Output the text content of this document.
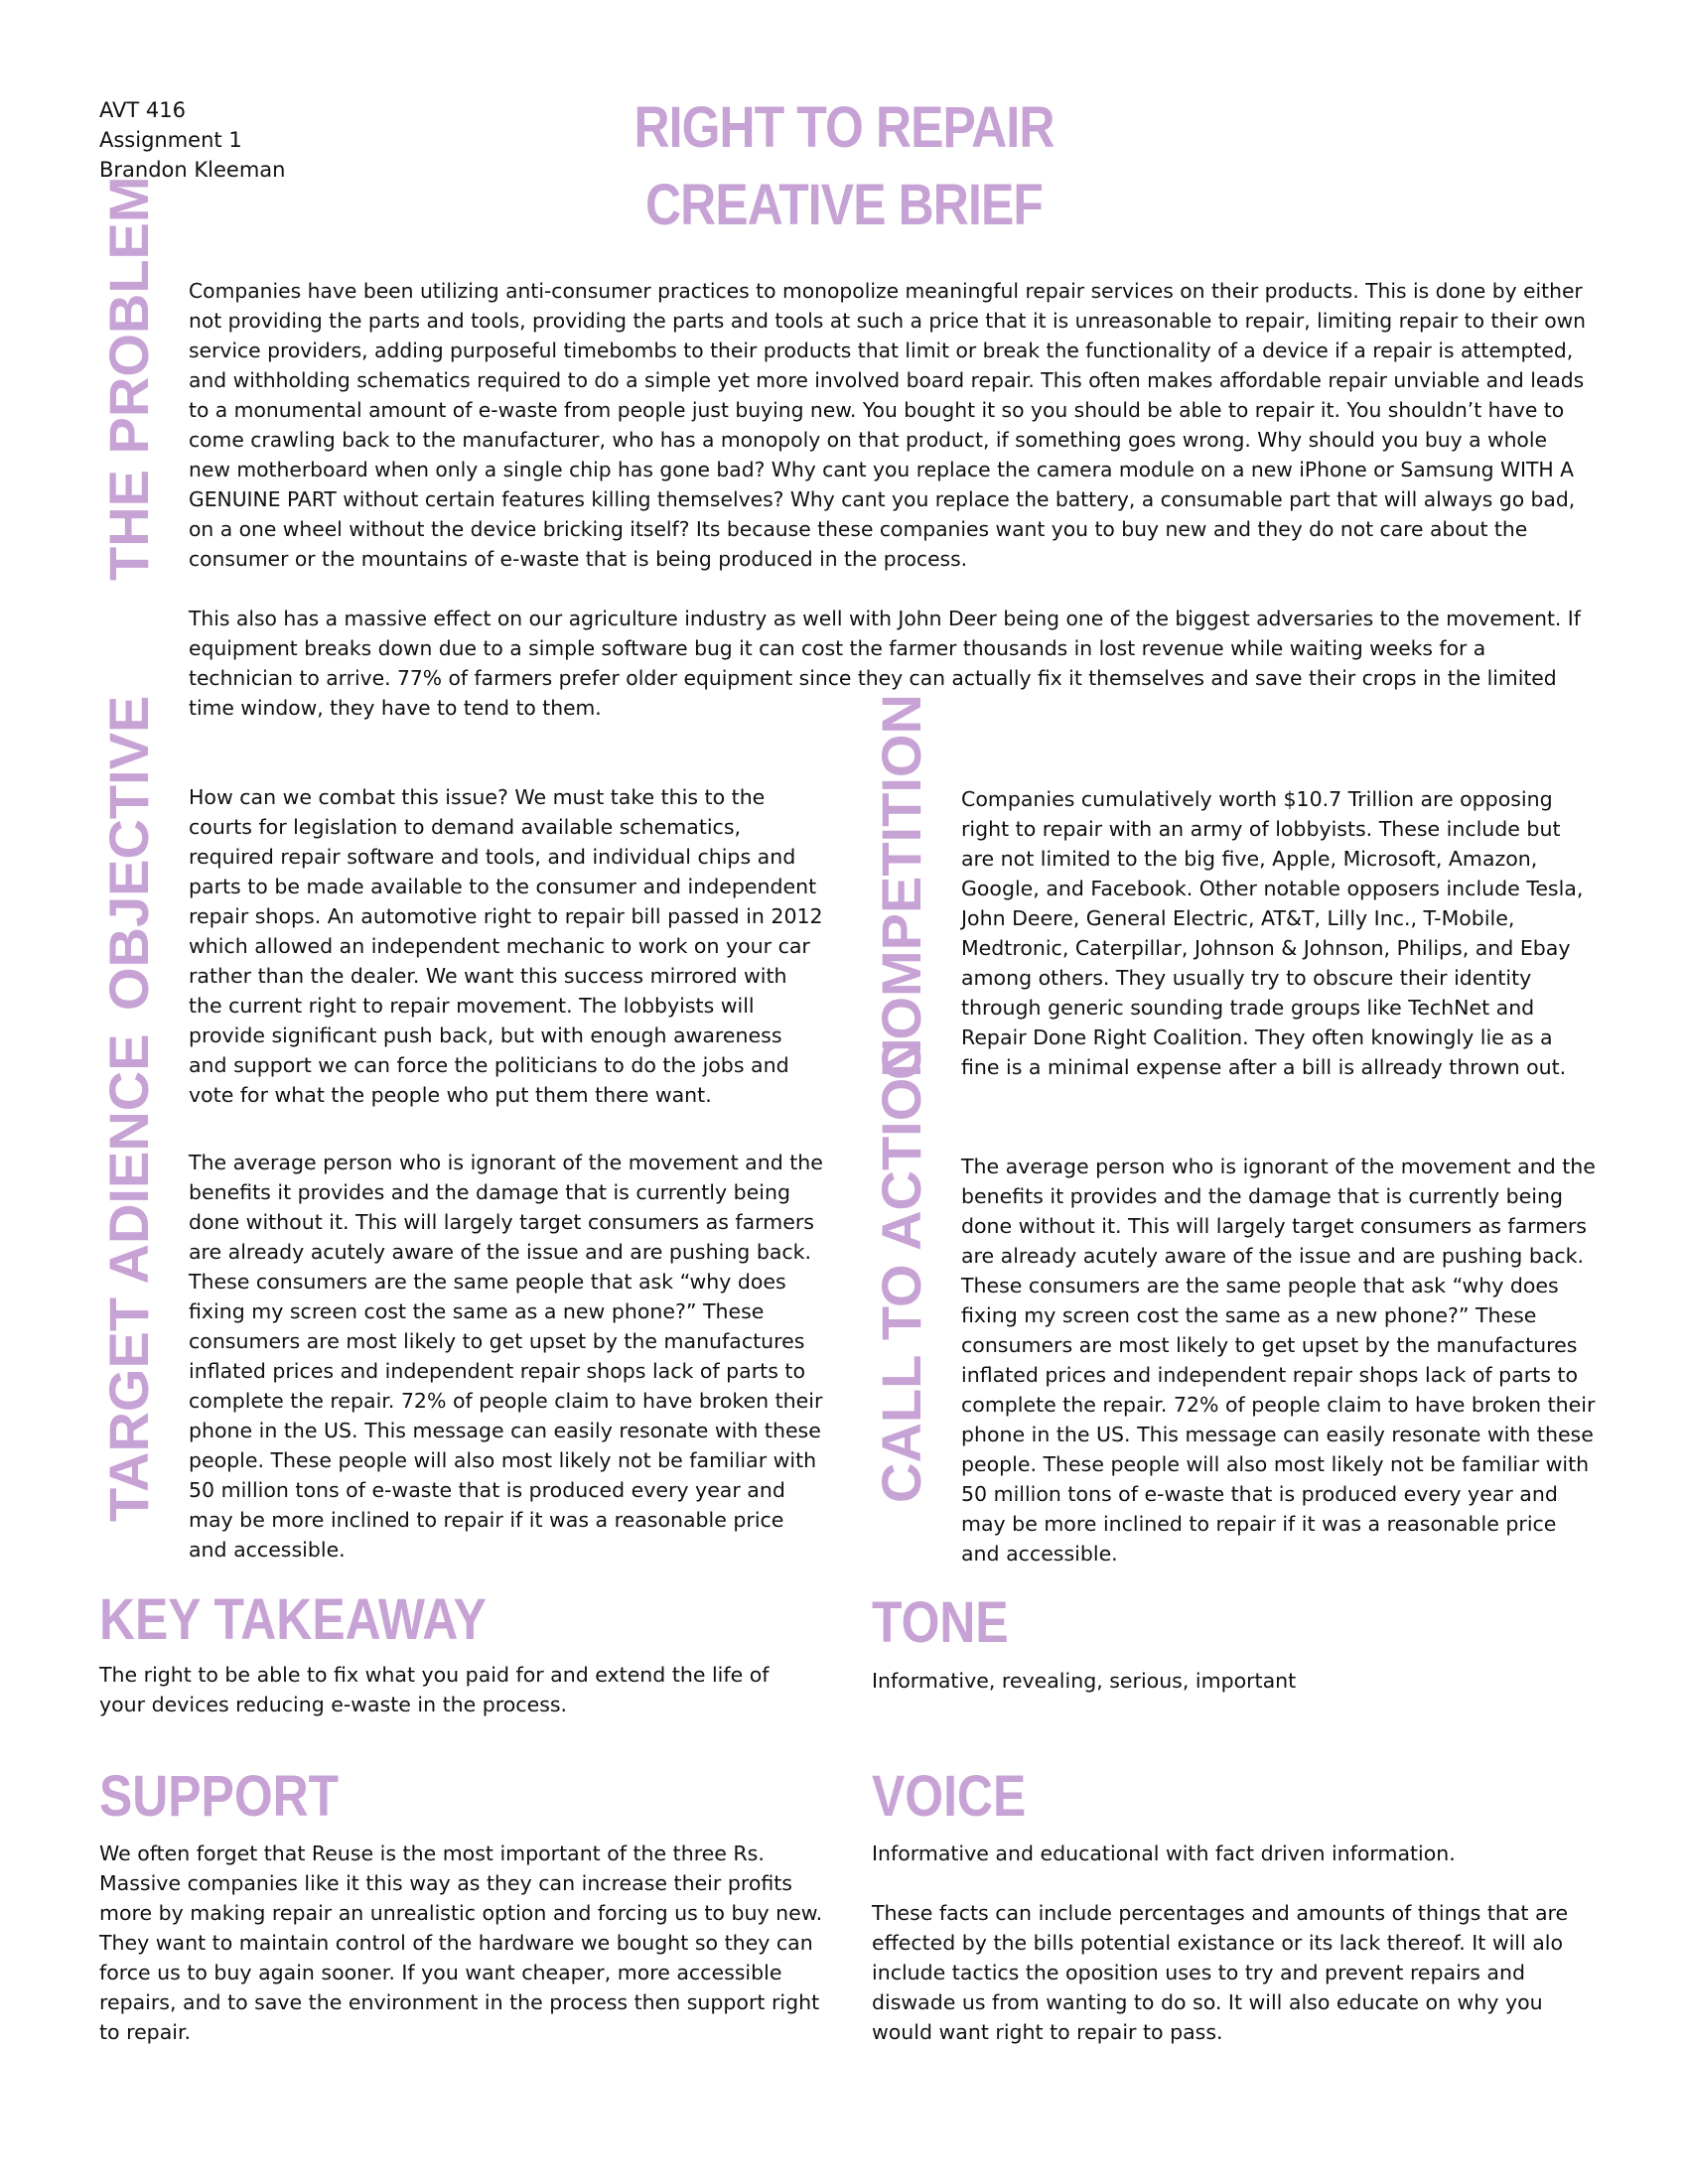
AVT 416
Assignment 1
Brandon Kleeman
RIGHT TO REPAIR
CREATIVE BRIEF
THE PROBLEM Companies have been utilizing anti-consumer practices to monopolize meaningful repair services on their products. This is done by either not providing the parts and tools, providing the parts and tools at such a price that it is unreasonable to repair, limiting repair to their own service providers, adding purposeful timebombs to their products that limit or break the functionality of a device if a repair is attempted, and withholding schematics required to do a simple yet more involved board repair. This often makes affordable repair unviable and leads to a monumental amount of e-waste from people just buying new. You bought it so you should be able to repair it. You shouldn’t have to come crawling back to the manufacturer, who has a monopoly on that product, if something goes wrong. Why should you buy a whole new motherboard when only a single chip has gone bad? Why cant you replace the camera module on a new iPhone or Samsung WITH A GENUINE PART without certain features killing themselves? Why cant you replace the battery, a consumable part that will always go bad, on a one wheel without the device bricking itself? Its because these companies want you to buy new and they do not care about the consumer or the mountains of e-waste that is being produced in the process.

This also has a massive effect on our agriculture industry as well with John Deer being one of the biggest adversaries to the movement. If equipment breaks down due to a simple software bug it can cost the farmer thousands in lost revenue while waiting weeks for a technician to arrive. 77% of farmers prefer older equipment since they can actually fix it themselves and save their crops in the limited time window, they have to tend to them.

OBJECTIVE How can we combat this issue? We must take this to the courts for legislation to demand available schematics, required repair software and tools, and individual chips and parts to be made available to the consumer and independent repair shops. An automotive right to repair bill passed in 2012 which allowed an independent mechanic to work on your car rather than the dealer. We want this success mirrored with the current right to repair movement. The lobbyists will provide significant push back, but with enough awareness and support we can force the politicians to do the jobs and vote for what the people who put them there want.
COMPETITION Companies cumulatively worth $10.7 Trillion are opposing right to repair with an army of lobbyists. These include but are not limited to the big five, Apple, Microsoft, Amazon, Google, and Facebook. Other notable opposers include Tesla, John Deere, General Electric, AT&T, Lilly Inc., T-Mobile, Medtronic, Caterpillar, Johnson & Johnson, Philips, and Ebay among others. They usually try to obscure their identity through generic sounding trade groups like TechNet and Repair Done Right Coalition. They often knowingly lie as a fine is a minimal expense after a bill is allready thrown out.
TARGET ADIENCE The average person who is ignorant of the movement and the benefits it provides and the damage that is currently being done without it. This will largely target consumers as farmers are already acutely aware of the issue and are pushing back. These consumers are the same people that ask “why does fixing my screen cost the same as a new phone?” These consumers are most likely to get upset by the manufactures inflated prices and independent repair shops lack of parts to complete the repair. 72% of people claim to have broken their phone in the US. This message can easily resonate with these people. These people will also most likely not be familiar with 50 million tons of e-waste that is produced every year and may be more inclined to repair if it was a reasonable price and accessible.
CALL TO ACTION The average person who is ignorant of the movement and the benefits it provides and the damage that is currently being done without it. This will largely target consumers as farmers are already acutely aware of the issue and are pushing back. These consumers are the same people that ask “why does fixing my screen cost the same as a new phone?” These consumers are most likely to get upset by the manufactures inflated prices and independent repair shops lack of parts to complete the repair. 72% of people claim to have broken their phone in the US. This message can easily resonate with these people. These people will also most likely not be familiar with 50 million tons of e-waste that is produced every year and may be more inclined to repair if it was a reasonable price and accessible.
KEY TAKEAWAY
The right to be able to fix what you paid for and extend the life of your devices reducing e-waste in the process.
TONE
Informative, revealing, serious, important
SUPPORT
We often forget that Reuse is the most important of the three Rs. Massive companies like it this way as they can increase their profits more by making repair an unrealistic option and forcing us to buy new. They want to maintain control of the hardware we bought so they can force us to buy again sooner. If you want cheaper, more accessible repairs, and to save the environment in the process then support right to repair.
VOICE

Informative and educational with fact driven information.

These facts can include percentages and amounts of things that are effected by the bills potential existance or its lack thereof. It will alo include tactics the oposition uses to try and prevent repairs and diswade us from wanting to do so. It will also educate on why you would want right to repair to pass.
